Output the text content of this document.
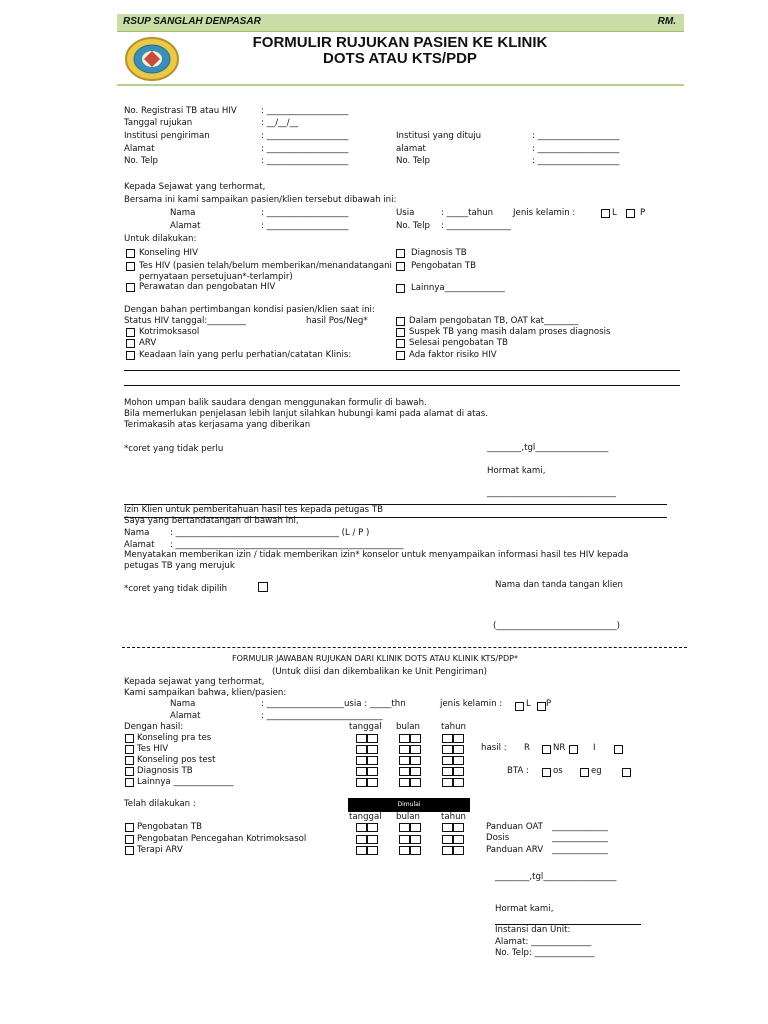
RSUP SANGLAH DENPASAR	RM.
FORMULIR RUJUKAN PASIEN KE KLINIK
DOTS ATAU KTS/PDP
No. Registrasi TB atau HIV	: ___________________
Tanggal rujukan	: __/__/__
Institusi pengiriman	: ___________________
Alamat	: ___________________
No. Telp	: ___________________
Institusi yang dituju	: ___________________
alamat	: ___________________
No. Telp	: ___________________
Kepada Sejawat yang terhormat,
Bersama ini kami sampaikan pasien/klien tersebut dibawah ini:
Nama	: ___________________
Alamat	: ___________________
Usia	: _____tahun Jenis kelamin :	L	P
No. Telp : _______________
Untuk dilakukan:
Konseling HIV
Tes HIV (pasien telah/belum memberikan/menandatangani
pernyataan persetujuan*-terlampir)
Perawatan dan pengobatan HIV
Diagnosis TB
Pengobatan TB
Lainnya______________
Dengan bahan pertimbangan kondisi pasien/klien saat ini:
Status HIV tanggal:_________	hasil Pos/Neg*
Kotrimoksasol
ARV
Keadaan lain yang perlu perhatian/catatan Klinis:
Dalam pengobatan TB, OAT kat________
Suspek TB yang masih dalam proses diagnosis
Selesai pengobatan TB
Ada faktor risiko HIV
Mohon umpan balik saudara dengan menggunakan formulir di bawah.
Bila memerlukan penjelasan lebih lanjut silahkan hubungi kami pada alamat di atas.
Terimakasih atas kerjasama yang diberikan
*coret yang tidak perlu	________,tgl_________________
Hormat kami,
______________________________
Izin Klien untuk pemberitahuan hasil tes kepada petugas TB
Saya yang bertandatangan di bawah ini,
Nama : ______________________________________ (L / P )
Alamat : _____________________________________________________
Menyatakan memberikan izin / tidak memberikan izin* konselor untuk menyampaikan informasi hasil tes HIV kepada
petugas TB yang merujuk
*coret yang tidak dipilih	Nama dan tanda tangan klien
(____________________________)
FORMULIR JAWABAN RUJUKAN DARI KLINIK DOTS ATAU KLINIK KTS/PDP*
(Untuk diisi dan dikembalikan ke Unit Pengiriman)
Kepada sejawat yang terhormat,
Kami sampaikan bahwa, klien/pasien:
Nama	: __________________usia : _____thn	jenis kelamin :	L P
Alamat	: ___________________________
Dengan hasil:	tanggal bulan tahun
Konseling pra tes
Tes HIV
Konseling pos test
Diagnosis TB
Lainnya ______________
hasil : R	NR	I
BTA :	os	eg
Telah dilakukan :	Dimulai
tanggal bulan tahun
Pengobatan TB
Pengobatan Pencegahan Kotrimoksasol
Terapi ARV
Panduan OAT _____________
Dosis	_____________
Panduan ARV _____________
________,tgl_________________
Hormat kami,
Instansi dan Unit:
Alamat: ______________
No. Telp: ______________
